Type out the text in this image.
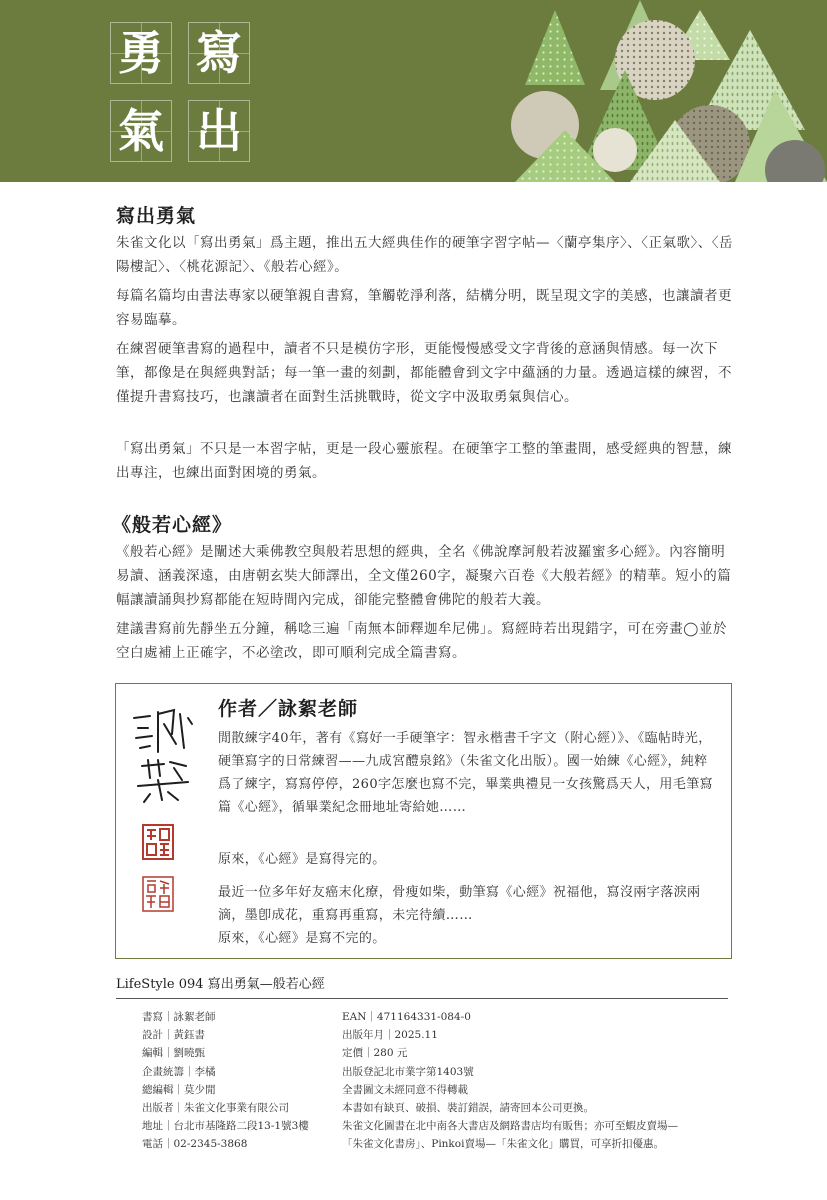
勇 寫
氣 出
寫出勇氣

朱雀文化以「寫出勇氣」爲主題，推出五大經典佳作的硬筆字習字帖—〈蘭亭集序〉、〈正氣歌〉、〈岳陽樓記〉、〈桃花源記〉、《般若心經》。

每篇名篇均由書法專家以硬筆親自書寫，筆觸乾淨利落，結構分明，既呈現文字的美感，也讓讀者更容易臨摹。

在練習硬筆書寫的過程中，讀者不只是模仿字形，更能慢慢感受文字背後的意涵與情感。每一次下筆，都像是在與經典對話；每一筆一畫的刻劃，都能體會到文字中蘊涵的力量。透過這樣的練習，不僅提升書寫技巧，也讓讀者在面對生活挑戰時，從文字中汲取勇氣與信心。

「寫出勇氣」不只是一本習字帖，更是一段心靈旅程。在硬筆字工整的筆畫間，感受經典的智慧，練出專注，也練出面對困境的勇氣。

《般若心經》

《般若心經》是闡述大乘佛教空與般若思想的經典，全名《佛說摩訶般若波羅蜜多心經》。內容簡明易讀、涵義深遠，由唐朝玄奘大師譯出，全文僅260字，凝聚六百卷《大般若經》的精華。短小的篇幅讓讀誦與抄寫都能在短時間內完成，卻能完整體會佛陀的般若大義。

建議書寫前先靜坐五分鐘，稱唸三遍「南無本師釋迦牟尼佛」。寫經時若出現錯字，可在旁畫◯並於空白處補上正確字，不必塗改，即可順利完成全篇書寫。

作者／詠絮老師

閒散練字40年，著有《寫好一手硬筆字：智永楷書千字文（附心經）》、《臨帖時光，硬筆寫字的日常練習——九成宮醴泉銘》（朱雀文化出版）。國一始練《心經》，純粹爲了練字，寫寫停停，260字怎麼也寫不完，畢業典禮見一女孩驚爲天人，用毛筆寫篇《心經》，循畢業紀念冊地址寄給她……

原來，《心經》是寫得完的。

最近一位多年好友癌末化療，骨瘦如柴，動筆寫《心經》祝福他，寫沒兩字落淚兩滴，墨卽成花，重寫再重寫，未完待續……

原來，《心經》是寫不完的。

LifeStyle 094 寫出勇氣—般若心經

書寫｜詠絮老師
設計｜黃鈺書
編輯｜劉曉甄
企畫統籌｜李橘
總編輯｜莫少閒
出版者｜朱雀文化事業有限公司
地址｜台北市基隆路二段13-1號3樓
電話｜02-2345-3868
EAN｜471164331-084-0
出版年月｜2025.11
定價｜280 元
出版登記北市業字第1403號
全書圖文未經同意不得轉載
本書如有缺頁、破損、裝訂錯誤，請寄回本公司更換。
朱雀文化圖書在北中南各大書店及網路書店均有販售；亦可至蝦皮賣場—
「朱雀文化書房」、Pinkoi賣場—「朱雀文化」購買，可享折扣優惠。
